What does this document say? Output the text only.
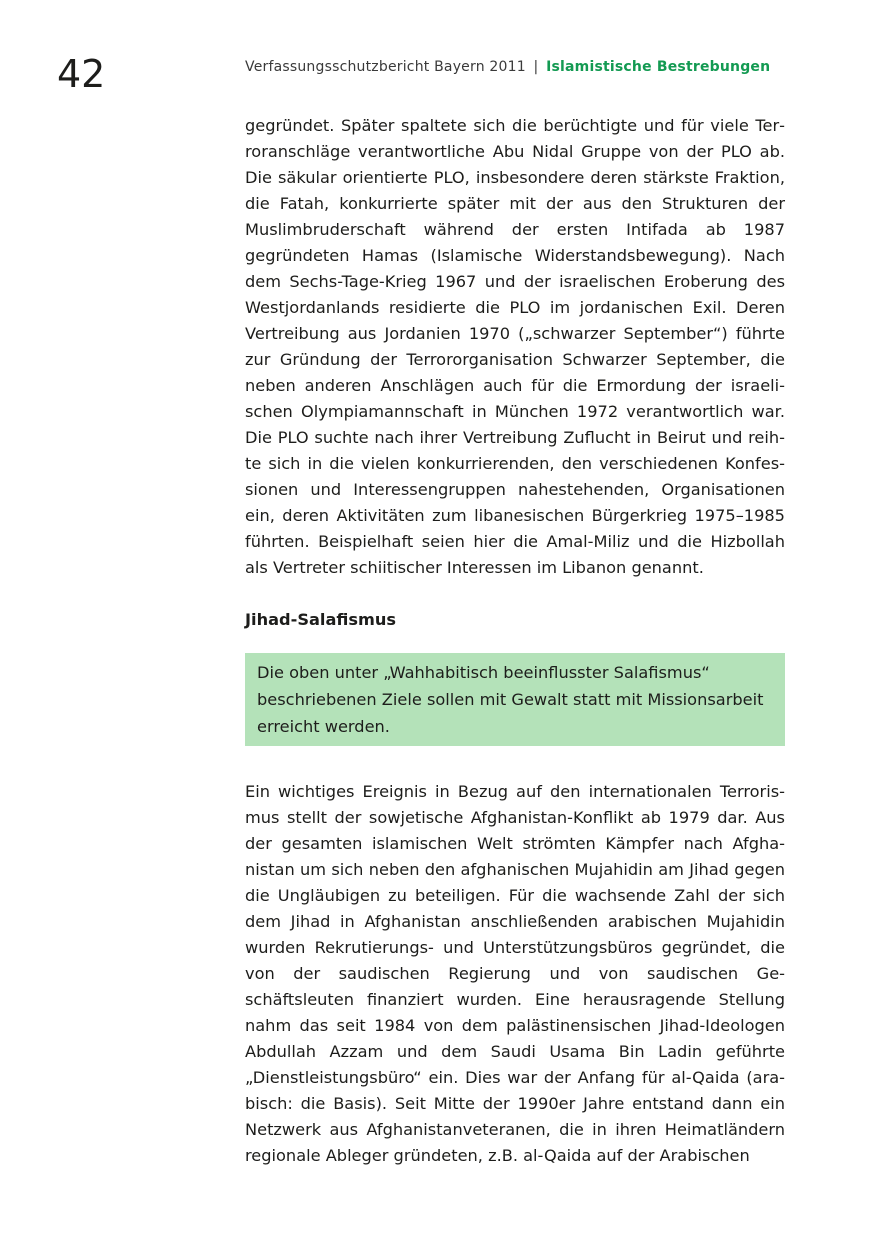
42	Verfassungsschutzbericht Bayern 2011 | Islamistische Bestrebungen

gegründet. Später spaltete sich die berüchtigte und für viele Terroranschläge verantwortliche Abu Nidal Gruppe von der PLO ab. Die säkular orientierte PLO, insbesondere deren stärkste Fraktion, die Fatah, konkurrierte später mit der aus den Strukturen der Muslimbruderschaft während der ersten Intifada ab 1987 gegründeten Hamas (Islamische Widerstandsbewegung). Nach dem Sechs-Tage-Krieg 1967 und der israelischen Eroberung des Westjordanlands residierte die PLO im jordanischen Exil. Deren Vertreibung aus Jordanien 1970 („schwarzer September“) führte zur Gründung der Terrororganisation Schwarzer September, die neben anderen Anschlägen auch für die Ermordung der israelischen Olympiamannschaft in München 1972 verantwortlich war. Die PLO suchte nach ihrer Vertreibung Zuflucht in Beirut und reihte sich in die vielen konkurrierenden, den verschiedenen Konfessionen und Interessengruppen nahestehenden, Organisationen ein, deren Aktivitäten zum libanesischen Bürgerkrieg 1975–1985 führten. Beispielhaft seien hier die Amal-Miliz und die Hizbollah als Vertreter schiitischer Interessen im Libanon genannt.

Jihad-Salafismus
Die oben unter „Wahhabitisch beeinflusster Salafismus“ beschriebenen Ziele sollen mit Gewalt statt mit Missionsarbeit erreicht werden.

Ein wichtiges Ereignis in Bezug auf den internationalen Terrorismus stellt der sowjetische Afghanistan-Konflikt ab 1979 dar. Aus der gesamten islamischen Welt strömten Kämpfer nach Afghanistan um sich neben den afghanischen Mujahidin am Jihad gegen die Ungläubigen zu beteiligen. Für die wachsende Zahl der sich dem Jihad in Afghanistan anschließenden arabischen Mujahidin wurden Rekrutierungs- und Unterstützungsbüros gegründet, die von der saudischen Regierung und von saudischen Geschäftsleuten finanziert wurden. Eine herausragende Stellung nahm das seit 1984 von dem palästinensischen Jihad-Ideologen Abdullah Azzam und dem Saudi Usama Bin Ladin geführte „Dienstleistungsbüro“ ein. Dies war der Anfang für al-Qaida (arabisch: die Basis). Seit Mitte der 1990er Jahre entstand dann ein Netzwerk aus Afghanistanveteranen, die in ihren Heimatländern regionale Ableger gründeten, z.B. al-Qaida auf der Arabischen
